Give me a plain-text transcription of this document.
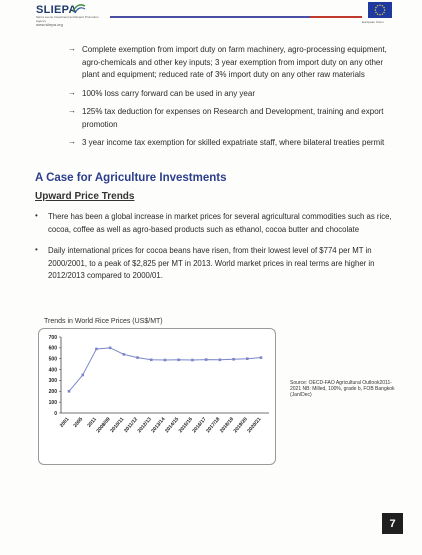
SLIEPA
Sierra Leone Investment and Export Promotion Agency
www.sliepa.org	European Union
→ Complete exemption from import duty on farm machinery, agro-processing equipment, agro-chemicals and other key inputs; 3 year exemption from import duty on any other plant and equipment; reduced rate of 3% import duty on any other raw materials
→ 100% loss carry forward can be used in any year
→ 125% tax deduction for expenses on Research and Development, training and export promotion
→ 3 year income tax exemption for skilled expatriate staff, where bilateral treaties permit
A Case for Agriculture Investments
Upward Price Trends
•	There has been a global increase in market prices for several agricultural commodities such as rice, cocoa, coffee as well as agro-based products such as ethanol, cocoa butter and chocolate
•	Daily international prices for cocoa beans have risen, from their lowest level of $774 per MT in 2000/2001, to a peak of $2,825 per MT in 2013. World market prices in real terms are higher in 2012/2013 compared to 2000/01.
Trends in World Rice Prices (US$/MT)
0
100
200
300
400
500
600
700
2001 2005 2011
2008/09
2010/11
2011/12
2012/13
2013/14
2014/15
2015/16
2016/17
2017/18
2018/19
2019/20
2020/21
Source: OECD-FAO Agricultural Outlook2011-2021 NB: Milled, 100%, grade b, FOB Bangkok (Jan/Dec)
7
